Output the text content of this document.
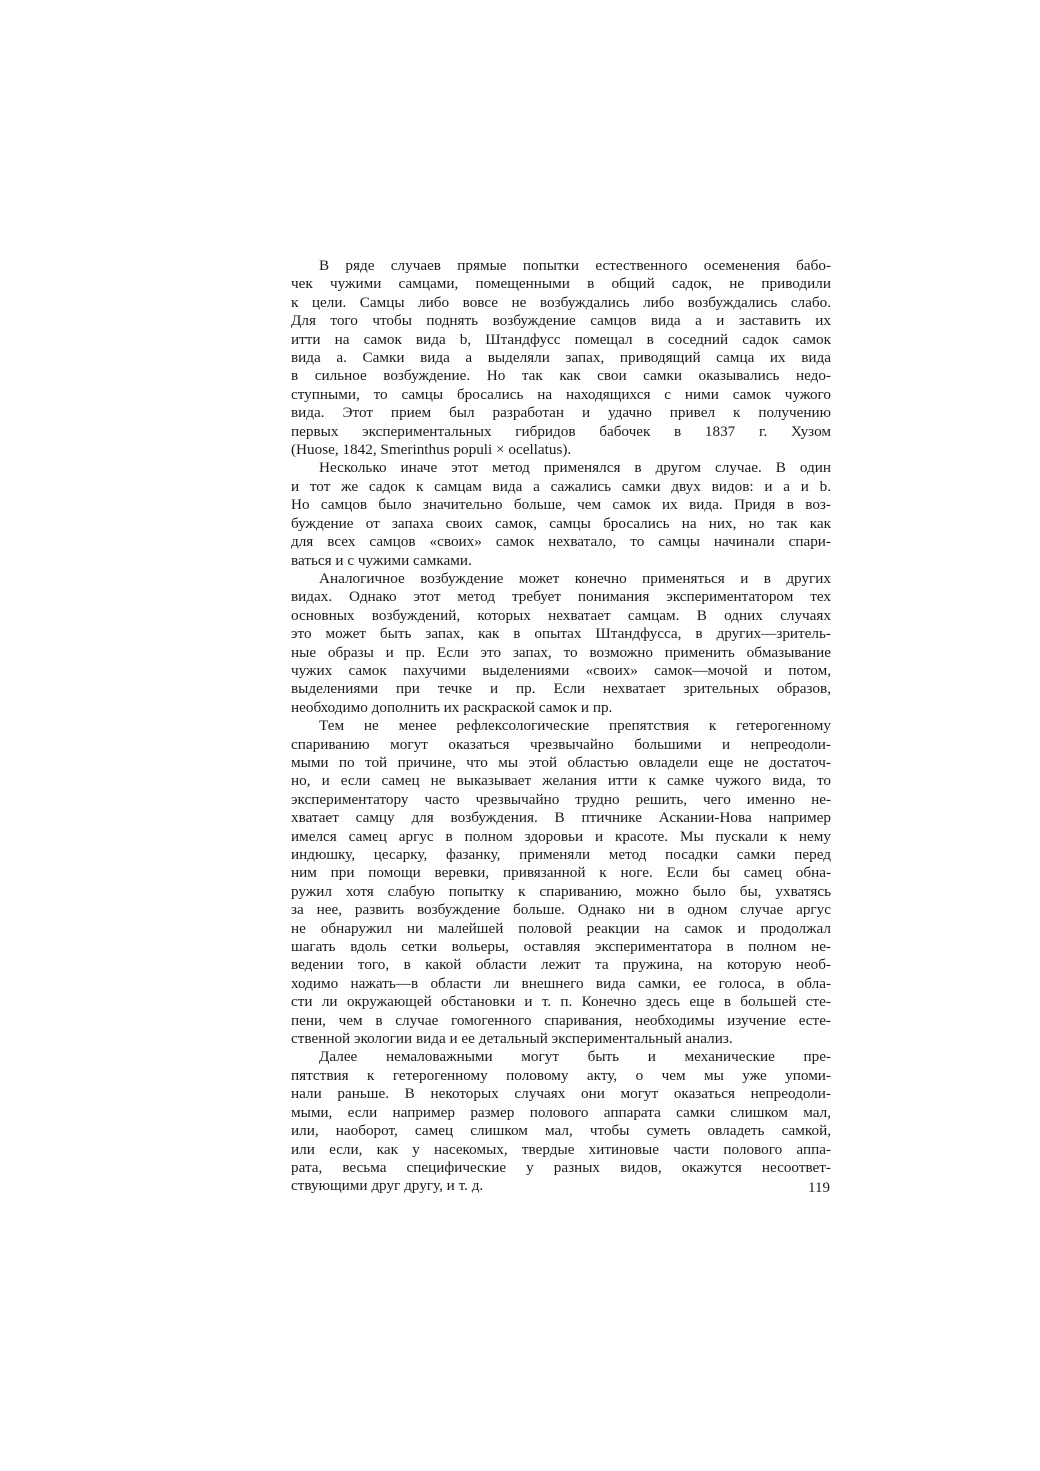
В ряде случаев прямые попытки естественного осеменения бабо-
чек чужими самцами, помещенными в общий садок, не приводили
к цели. Самцы либо вовсе не возбуждались либо возбуждались слабо.
Для того чтобы поднять возбуждение самцов вида a и заставить их
итти на самок вида b, Штандфусс помещал в соседний садок самок
вида a. Самки вида a выделяли запах, приводящий самца их вида
в сильное возбуждение. Но так как свои самки оказывались недо-
ступными, то самцы бросались на находящихся с ними самок чужого
вида. Этот прием был разработан и удачно привел к получению
первых экспериментальных гибридов бабочек в 1837 г. Хузом
(Huose, 1842, Smerinthus populi × ocellatus).

Несколько иначе этот метод применялся в другом случае. В один
и тот же садок к самцам вида a сажались самки двух видов: и a и b.
Но самцов было значительно больше, чем самок их вида. Придя в воз-
буждение от запаха своих самок, самцы бросались на них, но так как
для всех самцов «своих» самок нехватало, то самцы начинали спари-
ваться и с чужими самками.

Аналогичное возбуждение может конечно применяться и в других
видах. Однако этот метод требует понимания экспериментатором тех
основных возбуждений, которых нехватает самцам. В одних случаях
это может быть запах, как в опытах Штандфусса, в других—зритель-
ные образы и пр. Если это запах, то возможно применить обмазывание
чужих самок пахучими выделениями «своих» самок—мочой и потом,
выделениями при течке и пр. Если нехватает зрительных образов,
необходимо дополнить их раскраской самок и пр.

Тем не менее рефлексологические препятствия к гетерогенному
спариванию могут оказаться чрезвычайно большими и непреодоли-
мыми по той причине, что мы этой областью овладели еще не достаточ-
но, и если самец не выказывает желания итти к самке чужого вида, то
экспериментатору часто чрезвычайно трудно решить, чего именно не-
хватает самцу для возбуждения. В птичнике Аскании-Нова например
имелся самец аргус в полном здоровьи и красоте. Мы пускали к нему
индюшку, цесарку, фазанку, применяли метод посадки самки перед
ним при помощи веревки, привязанной к ноге. Если бы самец обна-
ружил хотя слабую попытку к спариванию, можно было бы, ухватясь
за нее, развить возбуждение больше. Однако ни в одном случае аргус
не обнаружил ни малейшей половой реакции на самок и продолжал
шагать вдоль сетки вольеры, оставляя экспериментатора в полном не-
ведении того, в какой области лежит та пружина, на которую необ-
ходимо нажать—в области ли внешнего вида самки, ее голоса, в обла-
сти ли окружающей обстановки и т. п. Конечно здесь еще в большей сте-
пени, чем в случае гомогенного спаривания, необходимы изучение есте-
ственной экологии вида и ее детальный экспериментальный анализ.

Далее немаловажными могут быть и механические пре-
пятствия к гетерогенному половому акту, о чем мы уже упоми-
нали раньше. В некоторых случаях они могут оказаться непреодоли-
мыми, если например размер полового аппарата самки слишком мал,
или, наоборот, самец слишком мал, чтобы суметь овладеть самкой,
или если, как у насекомых, твердые хитиновые части полового аппа-
рата, весьма специфические у разных видов, окажутся несоответ-
ствующими друг другу, и т. д.	119
